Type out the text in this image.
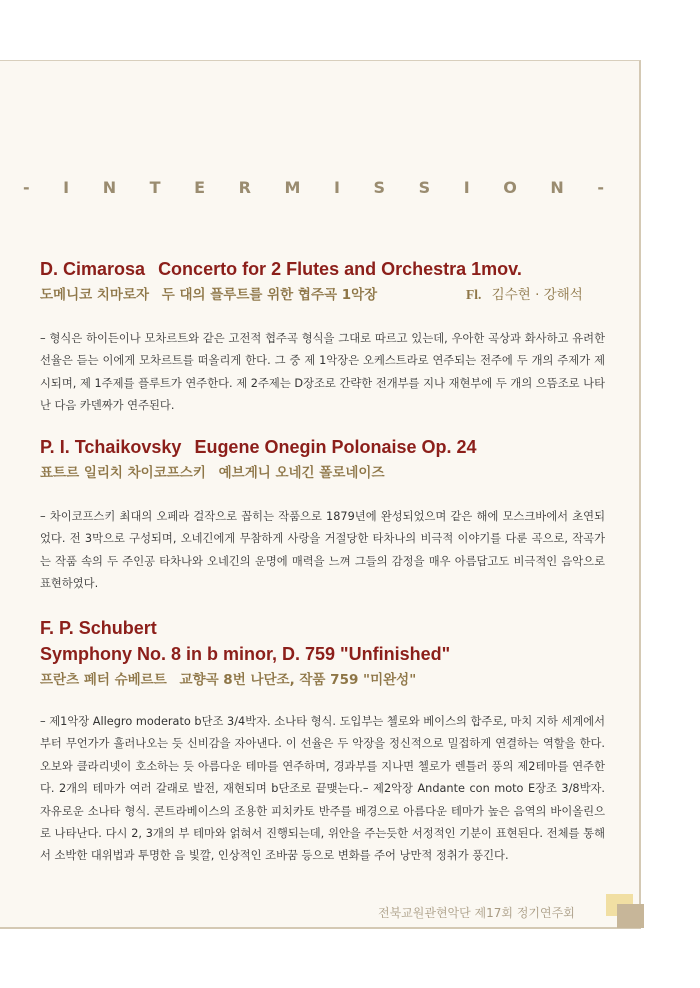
- I N T E R M I S S I O N -
D. Cimarosa Concerto for 2 Flutes and Orchestra 1mov.
도메니코 치마로자 두 대의 플루트를 위한 협주곡 1악장	Fl. 김수현 · 강해석

– 형식은 하이든이나 모차르트와 같은 고전적 협주곡 형식을 그대로 따르고 있는데, 우아한 곡상과 화사하고 유려한 선율은 듣는 이에게 모차르트를 떠올리게 한다. 그 중 제 1악장은 오케스트라로 연주되는 전주에 두 개의 주제가 제시되며, 제 1주제를 플루트가 연주한다. 제 2주제는 D장조로 간략한 전개부를 지나 재현부에 두 개의 으뜸조로 나타난 다음 카덴짜가 연주된다.

P. I. Tchaikovsky Eugene Onegin Polonaise Op. 24
표트르 일리치 차이코프스키 예브게니 오네긴 폴로네이즈

– 차이코프스키 최대의 오페라 걸작으로 꼽히는 작품으로 1879년에 완성되었으며 같은 해에 모스크바에서 초연되었다. 전 3막으로 구성되며, 오네긴에게 무참하게 사랑을 거절당한 타차나의 비극적 이야기를 다룬 곡으로, 작곡가는 작품 속의 두 주인공 타차나와 오네긴의 운명에 매력을 느껴 그들의 감정을 매우 아름답고도 비극적인 음악으로 표현하였다.

F. P. Schubert
Symphony No. 8 in b minor, D. 759 "Unfinished"
프란츠 페터 슈베르트 교향곡 8번 나단조, 작품 759 "미완성"

– 제1악장 Allegro moderato b단조 3/4박자. 소나타 형식. 도입부는 첼로와 베이스의 합주로, 마치 지하 세계에서부터 무언가가 흘러나오는 듯 신비감을 자아낸다. 이 선율은 두 악장을 정신적으로 밀접하게 연결하는 역할을 한다. 오보와 클라리넷이 호소하는 듯 아름다운 테마를 연주하며, 경과부를 지나면 첼로가 렌틀러 풍의 제2테마를 연주한다. 2개의 테마가 여러 갈래로 발전, 재현되며 b단조로 끝맺는다.– 제2악장 Andante con moto E장조 3/8박자. 자유로운 소나타 형식. 콘트라베이스의 조용한 피치카토 반주를 배경으로 아름다운 테마가 높은 음역의 바이올린으로 나타난다. 다시 2, 3개의 부 테마와 얽혀서 진행되는데, 위안을 주는듯한 서정적인 기분이 표현된다. 전체를 통해서 소박한 대위법과 투명한 음 빛깔, 인상적인 조바꿈 등으로 변화를 주어 낭만적 정취가 풍긴다.

전북교원관현악단 제17회 정기연주회
